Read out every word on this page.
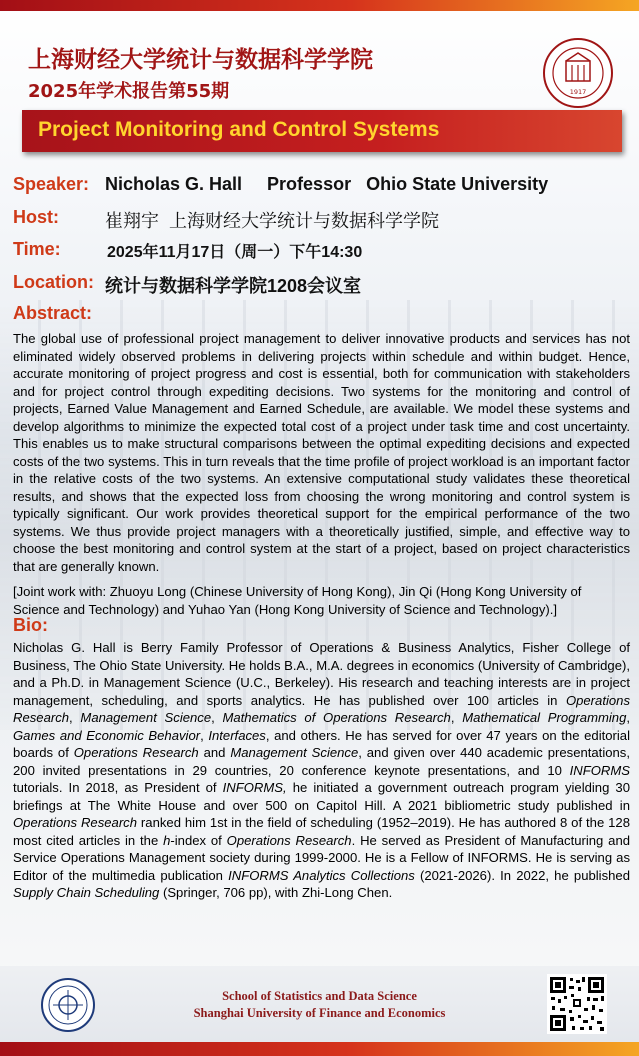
上海财经大学统计与数据科学学院
2025年学术报告第55期	1917
Project Monitoring and Control Systems
Speaker: Nicholas G. Hall     Professor   Ohio State University
Host:	崔翔宇  上海财经大学统计与数据科学学院
Time:	2025年11月17日（周一）下午14:30
Location: 统计与数据科学学院1208会议室
Abstract:

The global use of professional project management to deliver innovative products and services has not eliminated widely observed problems in delivering projects within schedule and within budget. Hence, accurate monitoring of project progress and cost is essential, both for communication with stakeholders and for project control through expediting decisions. Two systems for the monitoring and control of projects, Earned Value Management and Earned Schedule, are available. We model these systems and develop algorithms to minimize the expected total cost of a project under task time and cost uncertainty. This enables us to make structural comparisons between the optimal expediting decisions and expected costs of the two systems. This in turn reveals that the time profile of project workload is an important factor in the relative costs of the two systems. An extensive computational study validates these theoretical results, and shows that the expected loss from choosing the wrong monitoring and control system is typically significant. Our work provides theoretical support for the empirical performance of the two systems. We thus provide project managers with a theoretically justified, simple, and effective way to choose the best monitoring and control system at the start of a project, based on project characteristics that are generally known.

[Joint work with: Zhuoyu Long (Chinese University of Hong Kong), Jin Qi (Hong Kong University of Science and Technology) and Yuhao Yan (Hong Kong University of Science and Technology).]

Bio:

Nicholas G. Hall is Berry Family Professor of Operations & Business Analytics, Fisher College of Business, The Ohio State University. He holds B.A., M.A. degrees in economics (University of Cambridge), and a Ph.D. in Management Science (U.C., Berkeley). His research and teaching interests are in project management, scheduling, and sports analytics. He has published over 100 articles in Operations Research, Management Science, Mathematics of Operations Research, Mathematical Programming, Games and Economic Behavior, Interfaces, and others. He has served for over 47 years on the editorial boards of Operations Research and Management Science, and given over 440 academic presentations, 200 invited presentations in 29 countries, 20 conference keynote presentations, and 10 INFORMS tutorials. In 2018, as President of INFORMS, he initiated a government outreach program yielding 30 briefings at The White House and over 500 on Capitol Hill. A 2021 bibliometric study published in Operations Research ranked him 1st in the field of scheduling (1952–2019). He has authored 8 of the 128 most cited articles in the h-index of Operations Research. He served as President of Manufacturing and Service Operations Management society during 1999-2000. He is a Fellow of INFORMS. He is serving as Editor of the multimedia publication INFORMS Analytics Collections (2021-2026). In 2022, he published Supply Chain Scheduling (Springer, 706 pp), with Zhi-Long Chen.

School of Statistics and Data Science
Shanghai University of Finance and Economics
